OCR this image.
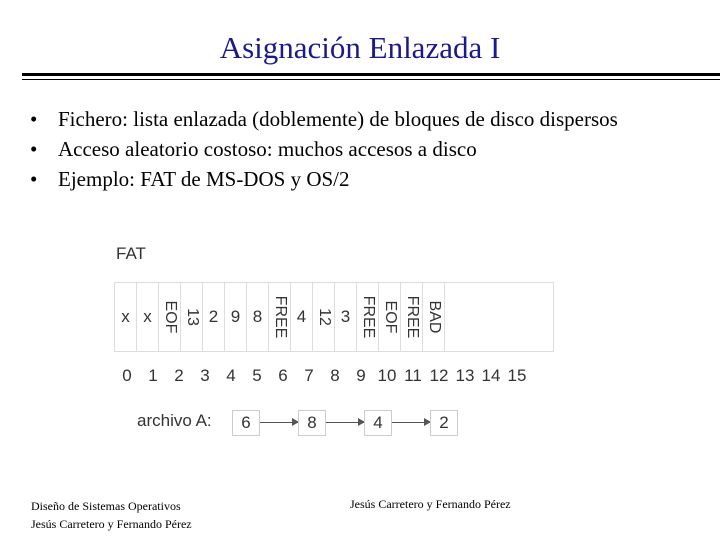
Asignación Enlazada I
• Fichero: lista enlazada (doblemente) de bloques de disco dispersos
• Acceso aleatorio costoso: muchos accesos a disco
• Ejemplo: FAT de MS-DOS y OS/2
FAT
x x EOF 13 2 9 8 FREE 4 12 3 FREE EOF FREE BAD
0 1 2 3 4 5 6 7 8 9 10 11 12 13 14 15
archivo A:	6	8	4	2
Diseño de Sistemas Operativos
Jesús Carretero y Fernando Pérez
Jesús Carretero y Fernando Pérez
